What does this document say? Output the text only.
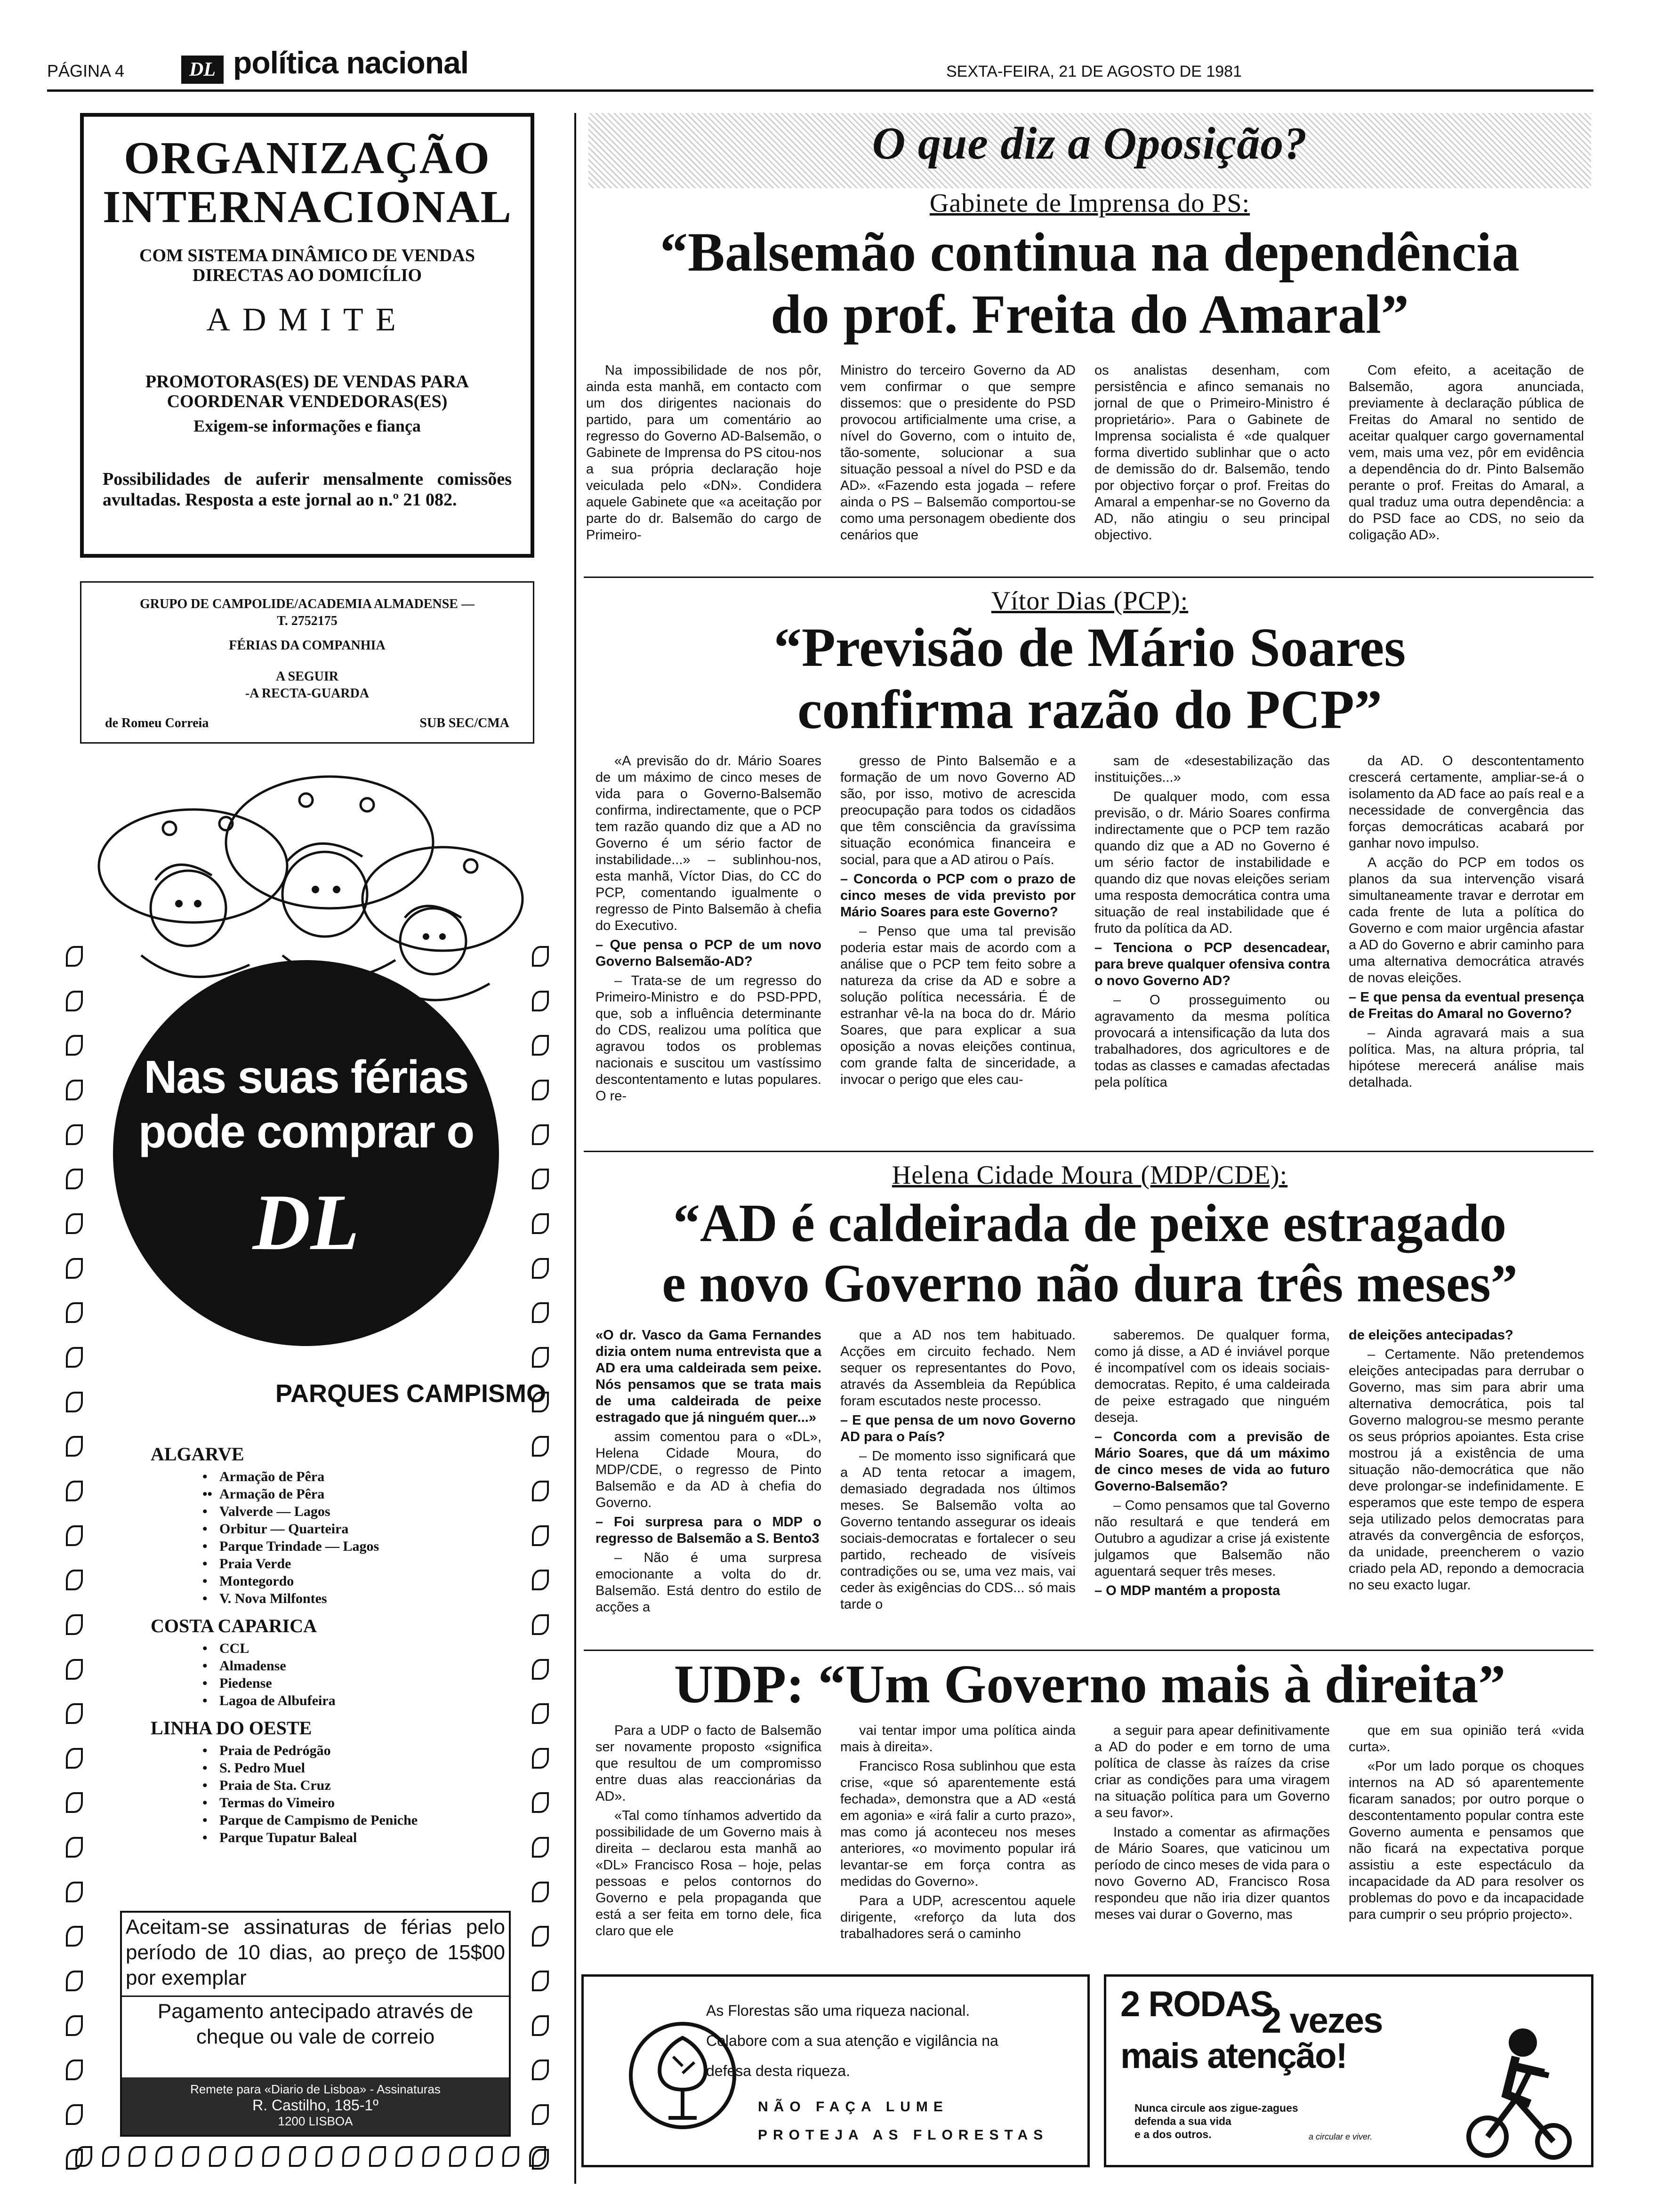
PÁGINA 4	DL política nacional	SEXTA-FEIRA, 21 DE AGOSTO DE 1981
ORGANIZAÇÃO
INTERNACIONAL
COM SISTEMA DINÂMICO DE VENDAS DIRECTAS AO DOMICÍLIO
ADMITE
PROMOTORAS(ES) DE VENDAS PARA COORDENAR VENDEDORAS(ES)
Exigem-se informações e fiança
Possibilidades de auferir mensalmente comissões avultadas. Resposta a este jornal ao n.º 21 082.
GRUPO DE CAMPOLIDE/ACADEMIA ALMADENSE —
T. 2752175
FÉRIAS DA COMPANHIA
A SEGUIR
-A RECTA-GUARDA
de Romeu Correia	SUB SEC/CMA
Nas suas férias
pode comprar o
DL
PARQUES CAMPISMO
ALGARVE
• Armação de Pêra
•• Armação de Pêra
• Valverde — Lagos
• Orbitur — Quarteira
• Parque Trindade — Lagos
• Praia Verde
• Montegordo
• V. Nova Milfontes
COSTA CAPARICA
• CCL
• Almadense
• Piedense
• Lagoa de Albufeira
LINHA DO OESTE
• Praia de Pedrógão
• S. Pedro Muel
• Praia de Sta. Cruz
• Termas do Vimeiro
• Parque de Campismo de Peniche
• Parque Tupatur Baleal
Aceitam-se assinaturas de férias pelo período de 10 dias, ao preço de 15$00 por exemplar
Pagamento antecipado através de cheque ou vale de correio
Remete para «Diario de Lisboa» - Assinaturas
R. Castilho, 185-1º
1200 LISBOA
O que diz a Oposição?
Gabinete de Imprensa do PS:
“Balsemão continua na dependência
do prof. Freita do Amaral”

Na impossibilidade de nos pôr, ainda esta manhã, em contacto com um dos dirigentes nacionais do partido, para um comentário ao regresso do Governo AD-Balsemão, o Gabinete de Imprensa do PS citou-nos a sua própria declaração hoje veiculada pelo «DN». Condidera aquele Gabinete que «a aceitação por parte do dr. Balsemão do cargo de Primeiro-

Ministro do terceiro Governo da AD vem confirmar o que sempre dissemos: que o presidente do PSD provocou artificialmente uma crise, a nível do Governo, com o intuito de, tão-somente, solucionar a sua situação pessoal a nível do PSD e da AD». «Fazendo esta jogada – refere ainda o PS – Balsemão comportou-se como uma personagem obediente dos cenários que

os analistas desenham, com persistência e afinco semanais no jornal de que o Primeiro-Ministro é proprietário». Para o Gabinete de Imprensa socialista é «de qualquer forma divertido sublinhar que o acto de demissão do dr. Balsemão, tendo por objectivo forçar o prof. Freitas do Amaral a empenhar-se no Governo da AD, não atingiu o seu principal objectivo.

Com efeito, a aceitação de Balsemão, agora anunciada, previamente à declaração pública de Freitas do Amaral no sentido de aceitar qualquer cargo governamental vem, mais uma vez, pôr em evidência a dependência do dr. Pinto Balsemão perante o prof. Freitas do Amaral, a qual traduz uma outra dependência: a do PSD face ao CDS, no seio da coligação AD».

Vítor Dias (PCP):
“Previsão de Mário Soares
confirma razão do PCP”

«A previsão do dr. Mário Soares de um máximo de cinco meses de vida para o Governo-Balsemão confirma, indirectamente, que o PCP tem razão quando diz que a AD no Governo é um sério factor de instabilidade...» – sublinhou-nos, esta manhã, Víctor Dias, do CC do PCP, comentando igualmente o regresso de Pinto Balsemão à chefia do Executivo.

– Que pensa o PCP de um novo Governo Balsemão-AD?

– Trata-se de um regresso do Primeiro-Ministro e do PSD-PPD, que, sob a influência determinante do CDS, realizou uma política que agravou todos os problemas nacionais e suscitou um vastíssimo descontentamento e lutas populares. O re-

gresso de Pinto Balsemão e a formação de um novo Governo AD são, por isso, motivo de acrescida preocupação para todos os cidadãos que têm consciência da gravíssima situação económica financeira e social, para que a AD atirou o País.

– Concorda o PCP com o prazo de cinco meses de vida previsto por Mário Soares para este Governo?

– Penso que uma tal previsão poderia estar mais de acordo com a análise que o PCP tem feito sobre a natureza da crise da AD e sobre a solução política necessária. É de estranhar vê-la na boca do dr. Mário Soares, que para explicar a sua oposição a novas eleições continua, com grande falta de sinceridade, a invocar o perigo que eles cau-

sam de «desestabilização das instituições...»

De qualquer modo, com essa previsão, o dr. Mário Soares confirma indirectamente que o PCP tem razão quando diz que a AD no Governo é um sério factor de instabilidade e quando diz que novas eleições seriam uma resposta democrática contra uma situação de real instabilidade que é fruto da política da AD.

– Tenciona o PCP desencadear, para breve qualquer ofensiva contra o novo Governo AD?

– O prosseguimento ou agravamento da mesma política provocará a intensificação da luta dos trabalhadores, dos agricultores e de todas as classes e camadas afectadas pela política

da AD. O descontentamento crescerá certamente, ampliar-se-á o isolamento da AD face ao país real e a necessidade de convergência das forças democráticas acabará por ganhar novo impulso.

A acção do PCP em todos os planos da sua intervenção visará simultaneamente travar e derrotar em cada frente de luta a política do Governo e com maior urgência afastar a AD do Governo e abrir caminho para uma alternativa democrática através de novas eleições.

– E que pensa da eventual presença de Freitas do Amaral no Governo?

– Ainda agravará mais a sua política. Mas, na altura própria, tal hipótese merecerá análise mais detalhada.

Helena Cidade Moura (MDP/CDE):
“AD é caldeirada de peixe estragado
e novo Governo não dura três meses”

«O dr. Vasco da Gama Fernandes dizia ontem numa entrevista que a AD era uma caldeirada sem peixe. Nós pensamos que se trata mais de uma caldeirada de peixe estragado que já ninguém quer...»

assim comentou para o «DL», Helena Cidade Moura, do MDP/CDE, o regresso de Pinto Balsemão e da AD à chefia do Governo.

– Foi surpresa para o MDP o regresso de Balsemão a S. Bento3

– Não é uma surpresa emocionante a volta do dr. Balsemão. Está dentro do estilo de acções a

que a AD nos tem habituado. Acções em circuito fechado. Nem sequer os representantes do Povo, através da Assembleia da República foram escutados neste processo.

– E que pensa de um novo Governo AD para o País?

– De momento isso significará que a AD tenta retocar a imagem, demasiado degradada nos últimos meses. Se Balsemão volta ao Governo tentando assegurar os ideais sociais-democratas e fortalecer o seu partido, recheado de visíveis contradições ou se, uma vez mais, vai ceder às exigências do CDS... só mais tarde o

saberemos. De qualquer forma, como já disse, a AD é inviável porque é incompatível com os ideais sociais-democratas. Repito, é uma caldeirada de peixe estragado que ninguém deseja.

– Concorda com a previsão de Mário Soares, que dá um máximo de cinco meses de vida ao futuro Governo-Balsemão?

– Como pensamos que tal Governo não resultará e que tenderá em Outubro a agudizar a crise já existente julgamos que Balsemão não aguentará sequer três meses.

– O MDP mantém a proposta

de eleições antecipadas?

– Certamente. Não pretendemos eleições antecipadas para derrubar o Governo, mas sim para abrir uma alternativa democrática, pois tal Governo malogrou-se mesmo perante os seus próprios apoiantes. Esta crise mostrou já a existência de uma situação não-democrática que não deve prolongar-se indefinidamente. E esperamos que este tempo de espera seja utilizado pelos democratas para através da convergência de esforços, da unidade, preencherem o vazio criado pela AD, repondo a democracia no seu exacto lugar.

UDP: “Um Governo mais à direita”

Para a UDP o facto de Balsemão ser novamente proposto «significa que resultou de um compromisso entre duas alas reaccionárias da AD».

«Tal como tínhamos advertido da possibilidade de um Governo mais à direita – declarou esta manhã ao «DL» Francisco Rosa – hoje, pelas pessoas e pelos contornos do Governo e pela propaganda que está a ser feita em torno dele, fica claro que ele

vai tentar impor uma política ainda mais à direita».

Francisco Rosa sublinhou que esta crise, «que só aparentemente está fechada», demonstra que a AD «está em agonia» e «irá falir a curto prazo», mas como já aconteceu nos meses anteriores, «o movimento popular irá levantar-se em força contra as medidas do Governo».

Para a UDP, acrescentou aquele dirigente, «reforço da luta dos trabalhadores será o caminho

a seguir para apear definitivamente a AD do poder e em torno de uma política de classe às raízes da crise criar as condições para uma viragem na situação política para um Governo a seu favor».

Instado a comentar as afirmações de Mário Soares, que vaticinou um período de cinco meses de vida para o novo Governo AD, Francisco Rosa respondeu que não iria dizer quantos meses vai durar o Governo, mas

que em sua opinião terá «vida curta».

«Por um lado porque os choques internos na AD só aparentemente ficaram sanados; por outro porque o descontentamento popular contra este Governo aumenta e pensamos que não ficará na expectativa porque assistiu a este espectáculo da incapacidade da AD para resolver os problemas do povo e da incapacidade para cumprir o seu próprio projecto».

As Florestas são uma riqueza nacional.
Colabore com a sua atenção e vigilância na
defesa desta riqueza.
NÃO FAÇA LUME
PROTEJA AS FLORESTAS
2 RODAS
2 vezes
mais atenção!
Nunca circule aos zigue-zagues
defenda a sua vida
e a dos outros.	a circular e viver.
